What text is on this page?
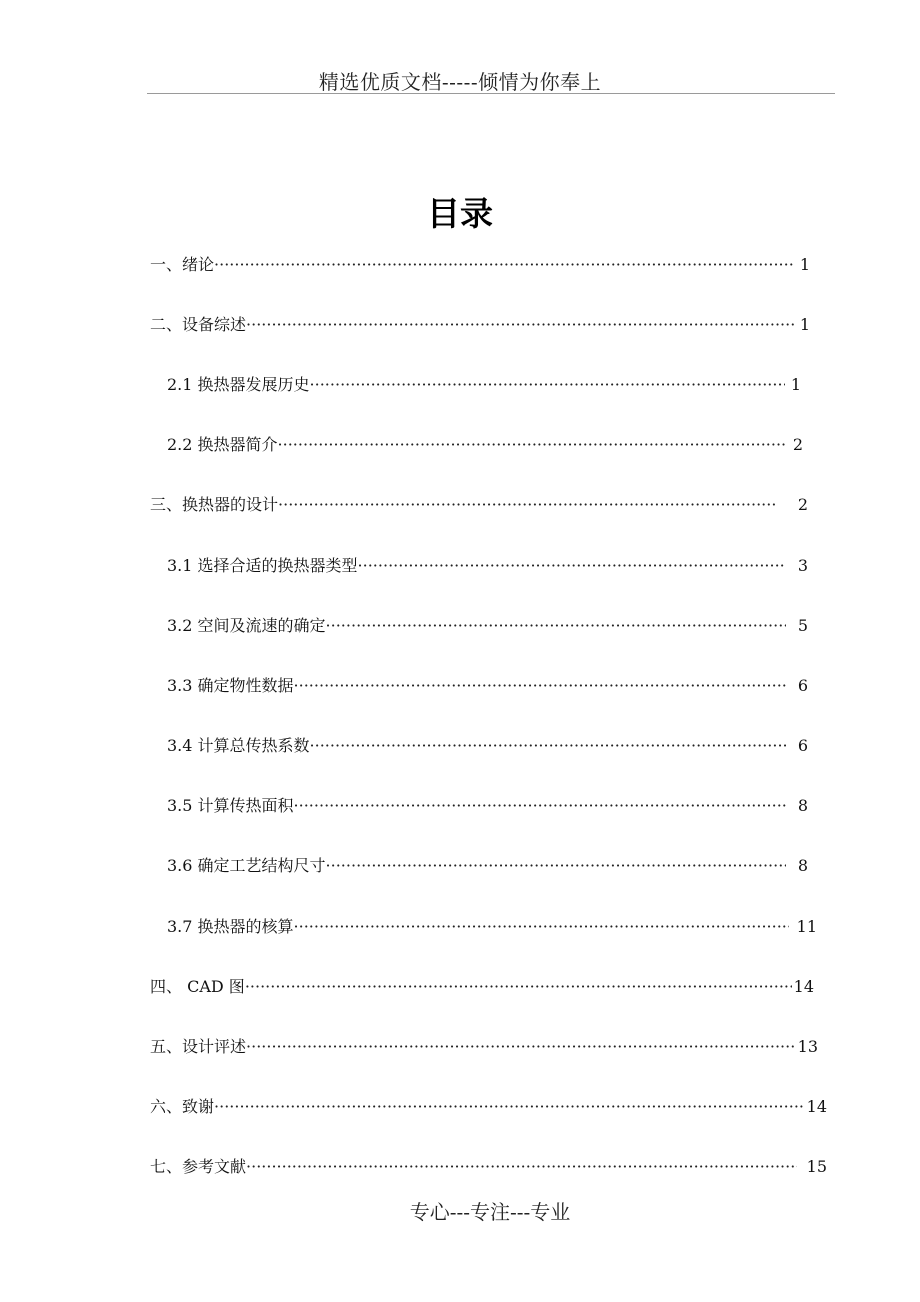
精选优质文档-----倾情为你奉上
目录
一、绪论 ·····	1
二、设备综述 ·····	1
2.1 换热器发展历史 ·····	1
2.2 换热器简介 ·····	2
三、换热器的设计 ·····	2
3.1 选择合适的换热器类型 ·····	3
3.2 空间及流速的确定 ·····	5
3.3 确定物性数据 ·····	6
3.4 计算总传热系数 ·····	6
3.5 计算传热面积 ·····	8
3.6 确定工艺结构尺寸 ·····	8
3.7 换热器的核算 ·····	11
四、 CAD 图 ·····	14
五、设计评述 ·····	13
六、致谢 ·····	14
七、参考文献 ·····	15
专心---专注---专业
